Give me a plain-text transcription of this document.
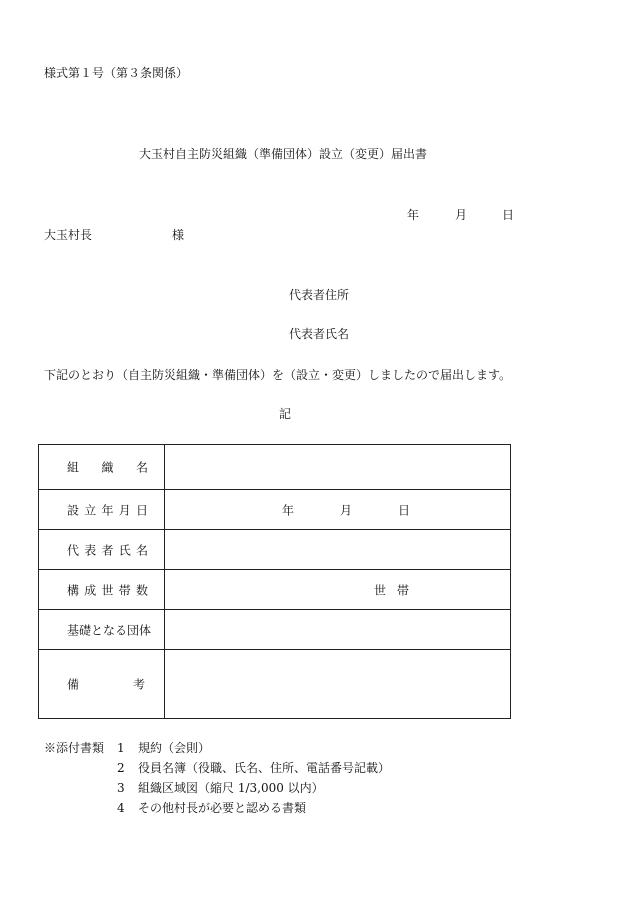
様式第１号（第３条関係）
大玉村自主防災組織（準備団体）設立（変更）届出書
年	月	日
大玉村長	様
代表者住所
代表者氏名
下記のとおり（自主防災組織・準備団体）を（設立・変更）しましたので届出します。
記
組 織 名	

設 立 年 月 日	年 月 日

代 表 者 氏 名	

構 成 世 帯 数	世 帯

基礎となる団体	

備 考	

※添付書類 1 規約（会則）
2 役員名簿（役職、氏名、住所、電話番号記載）
3 組織区域図（縮尺 1/3,000 以内）
4 その他村長が必要と認める書類
